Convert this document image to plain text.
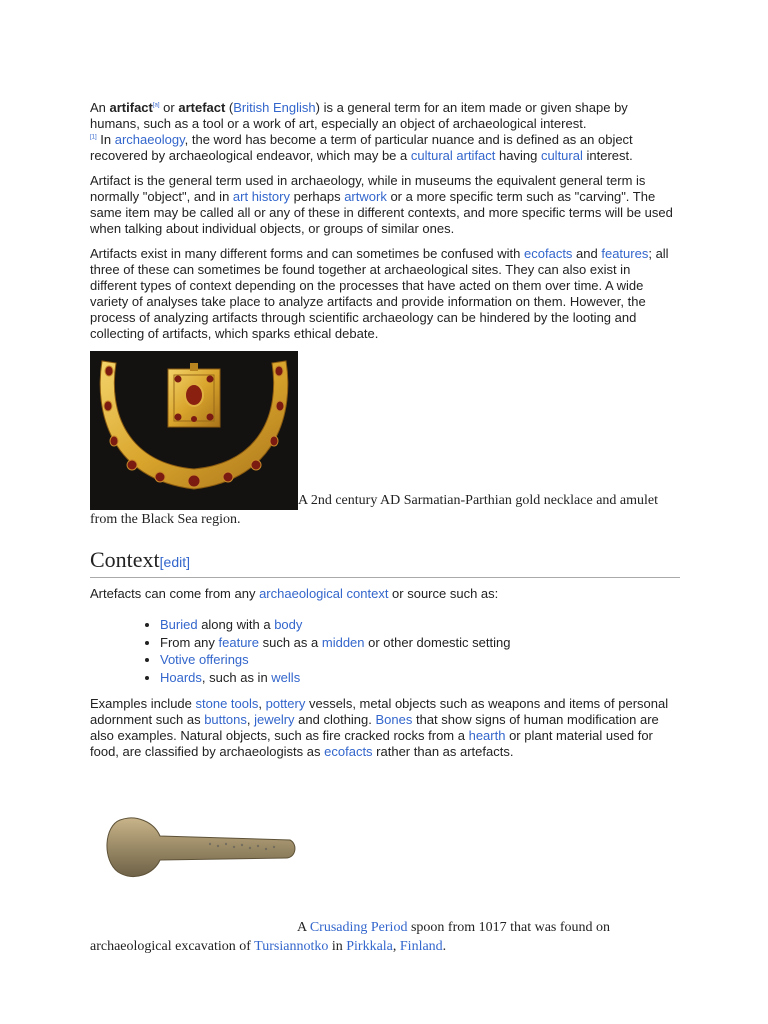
An artifact[a] or artefact (British English) is a general term for an item made or given shape by humans, such as a tool or a work of art, especially an object of archaeological interest.
[1] In archaeology, the word has become a term of particular nuance and is defined as an object recovered by archaeological endeavor, which may be a cultural artifact having cultural interest.

Artifact is the general term used in archaeology, while in museums the equivalent general term is normally "object", and in art history perhaps artwork or a more specific term such as "carving". The same item may be called all or any of these in different contexts, and more specific terms will be used when talking about individual objects, or groups of similar ones.

Artifacts exist in many different forms and can sometimes be confused with ecofacts and features; all three of these can sometimes be found together at archaeological sites. They can also exist in different types of context depending on the processes that have acted on them over time. A wide variety of analyses take place to analyze artifacts and provide information on them. However, the process of analyzing artifacts through scientific archaeology can be hindered by the looting and collecting of artifacts, which sparks ethical debate.

A 2nd century AD Sarmatian-Parthian gold necklace and amulet from the Black Sea region.
Context[edit]

Artefacts can come from any archaeological context or source such as:

• Buried along with a body
• From any feature such as a midden or other domestic setting
• Votive offerings
• Hoards, such as in wells

Examples include stone tools, pottery vessels, metal objects such as weapons and items of personal adornment such as buttons, jewelry and clothing. Bones that show signs of human modification are also examples. Natural objects, such as fire cracked rocks from a hearth or plant material used for food, are classified by archaeologists as ecofacts rather than as artefacts.

A Crusading Period spoon from 1017 that was found on archaeological excavation of Tursiannotko in Pirkkala, Finland.
